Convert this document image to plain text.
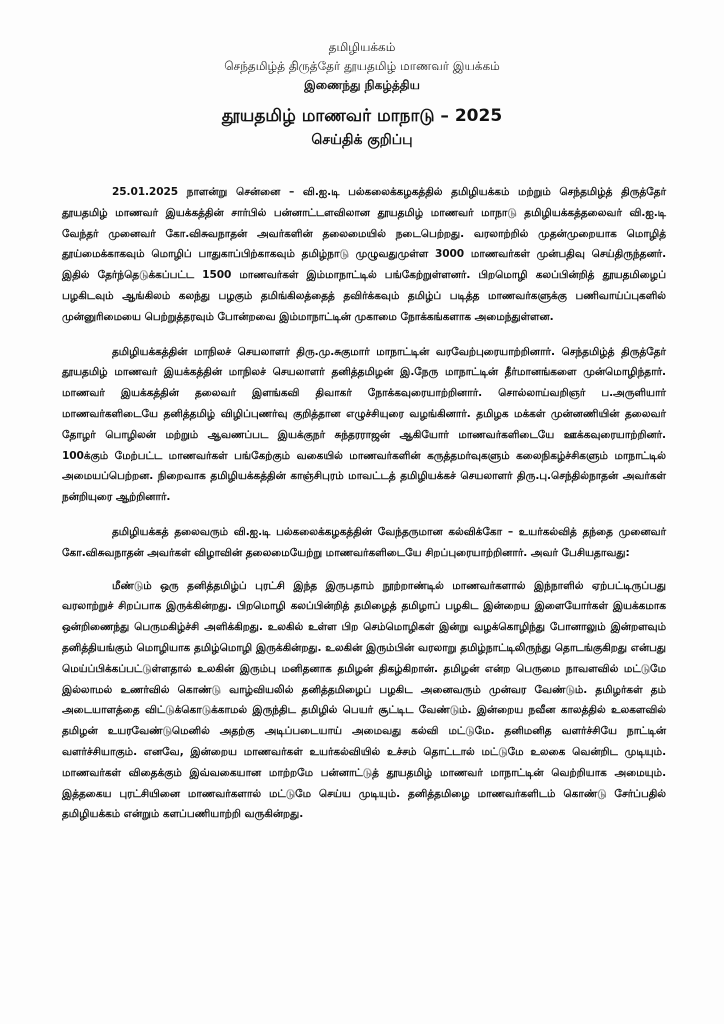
தமிழியக்கம்
செந்தமிழ்த் திருத்தேர் தூயதமிழ் மாணவர் இயக்கம்
இணைந்து நிகழ்த்திய
தூயதமிழ் மாணவர் மாநாடு – 2025
செய்திக் குறிப்பு

25.01.2025 நாளன்று சென்னை – வி.ஐ.டி பல்கலைக்கழகத்தில் தமிழியக்கம் மற்றும் செந்தமிழ்த் திருத்தேர் தூயதமிழ் மாணவர் இயக்கத்தின் சார்பில் பன்னாட்டளவிலான தூயதமிழ் மாணவர் மாநாடு தமிழியக்கத்தலைவர் வி.ஐ.டி வேந்தர் முனைவர் கோ.விசுவநாதன் அவர்களின் தலைமையில் நடைபெற்றது. வரலாற்றில் முதன்முறையாக மொழித் தூய்மைக்காகவும் மொழிப் பாதுகாப்பிற்காகவும் தமிழ்நாடு முழுவதுமுள்ள 3000 மாணவர்கள் முன்பதிவு செய்திருந்தனர். இதில் தேர்ந்தெடுக்கப்பட்ட 1500 மாணவர்கள் இம்மாநாட்டில் பங்கேற்றுள்ளனர். பிறமொழி கலப்பின்றித் தூயதமிழைப் பழகிடவும் ஆங்கிலம் கலந்து பழகும் தமிங்கிலத்தைத் தவிர்க்கவும் தமிழ்ப் படித்த மாணவர்களுக்கு பணிவாய்ப்புகளில் முன்னுரிமையை பெற்றுத்தரவும் போன்றவை இம்மாநாட்டின் முகாமை நோக்கங்களாக அமைந்துள்ளன.

தமிழியக்கத்தின் மாநிலச் செயலாளர் திரு.மு.சுகுமார் மாநாட்டின் வரவேற்புரையாற்றினார். செந்தமிழ்த் திருத்தேர் தூயதமிழ் மாணவர் இயக்கத்தின் மாநிலச் செயலாளர் தனித்தமிழன் இ.நேரு மாநாட்டின் தீர்மானங்களை முன்மொழிந்தார். மாணவர் இயக்கத்தின் தலைவர் இளங்கவி திவாகர் நோக்கவுரையாற்றினார். சொல்லாய்வறிஞர் ப.அருளியார் மாணவர்களிடையே தனித்தமிழ் விழிப்புணர்வு குறித்தான எழுச்சியுரை வழங்கினார். தமிழக மக்கள் முன்னணியின் தலைவர் தோழர் பொழிலன் மற்றும் ஆவணப்பட இயக்குநர் சுந்தரராஜன் ஆகியோர் மாணவர்களிடையே ஊக்கவுரையாற்றினர். 100க்கும் மேற்பட்ட மாணவர்கள் பங்கேற்கும் வகையில் மாணவர்களின் கருத்தமர்வுகளும் கலைநிகழ்ச்சிகளும் மாநாட்டில் அமையப்பெற்றன. நிறைவாக தமிழியக்கத்தின் காஞ்சிபுரம் மாவட்டத் தமிழியக்கச் செயலாளர் திரு.பு.செந்தில்நாதன் அவர்கள் நன்றியுரை ஆற்றினார்.

தமிழியக்கத் தலைவரும் வி.ஐ.டி பல்கலைக்கழகத்தின் வேந்தருமான கல்விக்கோ – உயர்கல்வித் தந்தை முனைவர் கோ.விசுவநாதன் அவர்கள் விழாவின் தலைமையேற்று மாணவர்களிடையே சிறப்புரையாற்றினார். அவர் பேசியதாவது:

மீண்டும் ஒரு தனித்தமிழ்ப் புரட்சி இந்த இருபதாம் நூற்றாண்டில் மாணவர்களால் இந்நாளில் ஏற்பட்டிருப்பது வரலாற்றுச் சிறப்பாக இருக்கின்றது. பிறமொழி கலப்பின்றித் தமிழைத் தமிழாப் பழகிட இன்றைய இளையோர்கள் இயக்கமாக ஒன்றிணைந்து பெருமகிழ்ச்சி அளிக்கிறது. உலகில் உள்ள பிற செம்மொழிகள் இன்று வழக்கொழிந்து போனாலும் இன்றளவும் தனித்தியங்கும் மொழியாக தமிழ்மொழி இருக்கின்றது. உலகின் இரும்பின் வரலாறு தமிழ்நாட்டிலிருந்து தொடங்குகிறது என்பது மெய்ப்பிக்கப்பட்டுள்ளதால் உலகின் இரும்பு மனிதனாக தமிழன் திகழ்கிறான். தமிழன் என்ற பெருமை நாவளவில் மட்டுமே இல்லாமல் உணர்வில் கொண்டு வாழ்வியலில் தனித்தமிழைப் பழகிட அனைவரும் முன்வர வேண்டும். தமிழர்கள் தம் அடையாளத்தை விட்டுக்கொடுக்காமல் இருந்திட தமிழில் பெயர் சூட்டிட வேண்டும். இன்றைய நவீன காலத்தில் உலகளவில் தமிழன் உயரவேண்டுமெனில் அதற்கு அடிப்படையாய் அமைவது கல்வி மட்டுமே. தனிமனித வளர்ச்சியே நாட்டின் வளர்ச்சியாகும். எனவே, இன்றைய மாணவர்கள் உயர்கல்வியில் உச்சம் தொட்டால் மட்டுமே உலகை வென்றிட முடியும். மாணவர்கள் விதைக்கும் இவ்வகையான மாற்றமே பன்னாட்டுத் தூயதமிழ் மாணவர் மாநாட்டின் வெற்றியாக அமையும். இத்தகைய புரட்சியினை மாணவர்களால் மட்டுமே செய்ய முடியும். தனித்தமிழை மாணவர்களிடம் கொண்டு சேர்ப்பதில் தமிழியக்கம் என்றும் களப்பணியாற்றி வருகின்றது.
